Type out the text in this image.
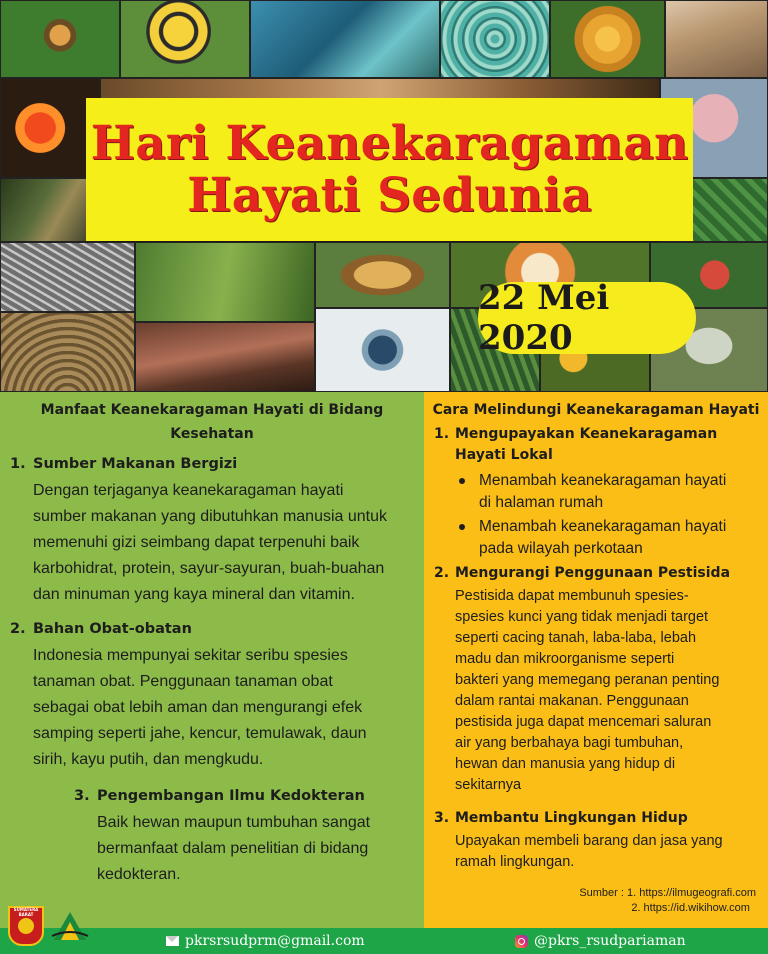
Hari Keanekaragaman
Hayati Sedunia
22 Mei 2020
Manfaat Keanekaragaman Hayati di Bidang
Kesehatan
1. Sumber Makanan Bergizi
Dengan terjaganya keanekaragaman hayati
sumber makanan yang dibutuhkan manusia untuk
memenuhi gizi seimbang dapat terpenuhi baik
karbohidrat, protein, sayur-sayuran, buah-buahan
dan minuman yang kaya mineral dan vitamin.
2. Bahan Obat-obatan
Indonesia mempunyai sekitar seribu spesies
tanaman obat. Penggunaan tanaman obat
sebagai obat lebih aman dan mengurangi efek
samping seperti jahe, kencur, temulawak, daun
sirih, kayu putih, dan mengkudu.
3. Pengembangan Ilmu Kedokteran
Baik hewan maupun tumbuhan sangat
bermanfaat dalam penelitian di bidang
kedokteran.
Cara Melindungi Keanekaragaman Hayati
1. Mengupayakan Keanekaragaman
Hayati Lokal
Menambah keanekaragaman hayati
di halaman rumah
Menambah keanekaragaman hayati
pada wilayah perkotaan
2. Mengurangi Penggunaan Pestisida
Pestisida dapat membunuh spesies-
spesies kunci yang tidak menjadi target
seperti cacing tanah, laba-laba, lebah
madu dan mikroorganisme seperti
bakteri yang memegang peranan penting
dalam rantai makanan. Penggunaan
pestisida juga dapat mencemari saluran
air yang berbahaya bagi tumbuhan,
hewan dan manusia yang hidup di
sekitarnya
3. Membantu Lingkungan Hidup
Upayakan membeli barang dan jasa yang
ramah lingkungan.
Sumber : 1. https://ilmugeografi.com
2. https://id.wikihow.com
pkrsrsudprm@gmail.com	@pkrs_rsudpariaman
SUMATERA BARAT
